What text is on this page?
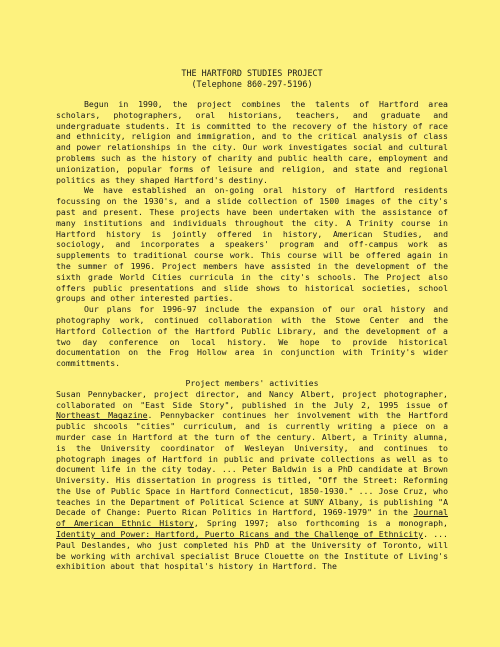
THE HARTFORD STUDIES PROJECT
(Telephone 860-297-5196)

Begun in 1990, the project combines the talents of Hartford area scholars, photographers, oral historians, teachers, and graduate and undergraduate students. It is committed to the recovery of the history of race and ethnicity, religion and immigration, and to the critical analysis of class and power relationships in the city. Our work investigates social and cultural problems such as the history of charity and public health care, employment and unionization, popular forms of leisure and religion, and state and regional politics as they shaped Hartford's destiny.

We have established an on-going oral history of Hartford residents focussing on the 1930's, and a slide collection of 1500 images of the city's past and present. These projects have been undertaken with the assistance of many institutions and individuals throughout the city. A Trinity course in Hartford history is jointly offered in history, American Studies, and sociology, and incorporates a speakers' program and off-campus work as supplements to traditional course work. This course will be offered again in the summer of 1996. Project members have assisted in the development of the sixth grade World Cities curricula in the city's schools. The Project also offers public presentations and slide shows to historical societies, school groups and other interested parties.

Our plans for 1996-97 include the expansion of our oral history and photography work, continued collaboration with the Stowe Center and the Hartford Collection of the Hartford Public Library, and the development of a two day conference on local history. We hope to provide historical documentation on the Frog Hollow area in conjunction with Trinity's wider committments.

Project members' activities

Susan Pennybacker, project director, and Nancy Albert, project photographer, collaborated on "East Side Story", published in the July 2, 1995 issue of Northeast Magazine. Pennybacker continues her involvement with the Hartford public shcools "cities" curriculum, and is currently writing a piece on a murder case in Hartford at the turn of the century. Albert, a Trinity alumna, is the University coordinator of Wesleyan University, and continues to photograph images of Hartford in public and private collections as well as to document life in the city today. ... Peter Baldwin is a PhD candidate at Brown University. His dissertation in progress is titled, "Off the Street: Reforming the Use of Public Space in Hartford Connecticut, 1850-1930." ... Jose Cruz, who teaches in the Department of Political Science at SUNY Albany, is publishing "A Decade of Change: Puerto Rican Politics in Hartford, 1969-1979" in the Journal of American Ethnic History, Spring 1997; also forthcoming is a monograph, Identity and Power: Hartford, Puerto Ricans and the Challenge of Ethnicity. ... Paul Deslandes, who just completed his PhD at the University of Toronto, will be working with archival specialist Bruce Clouette on the Institute of Living's exhibition about that hospital's history in Hartford. The
